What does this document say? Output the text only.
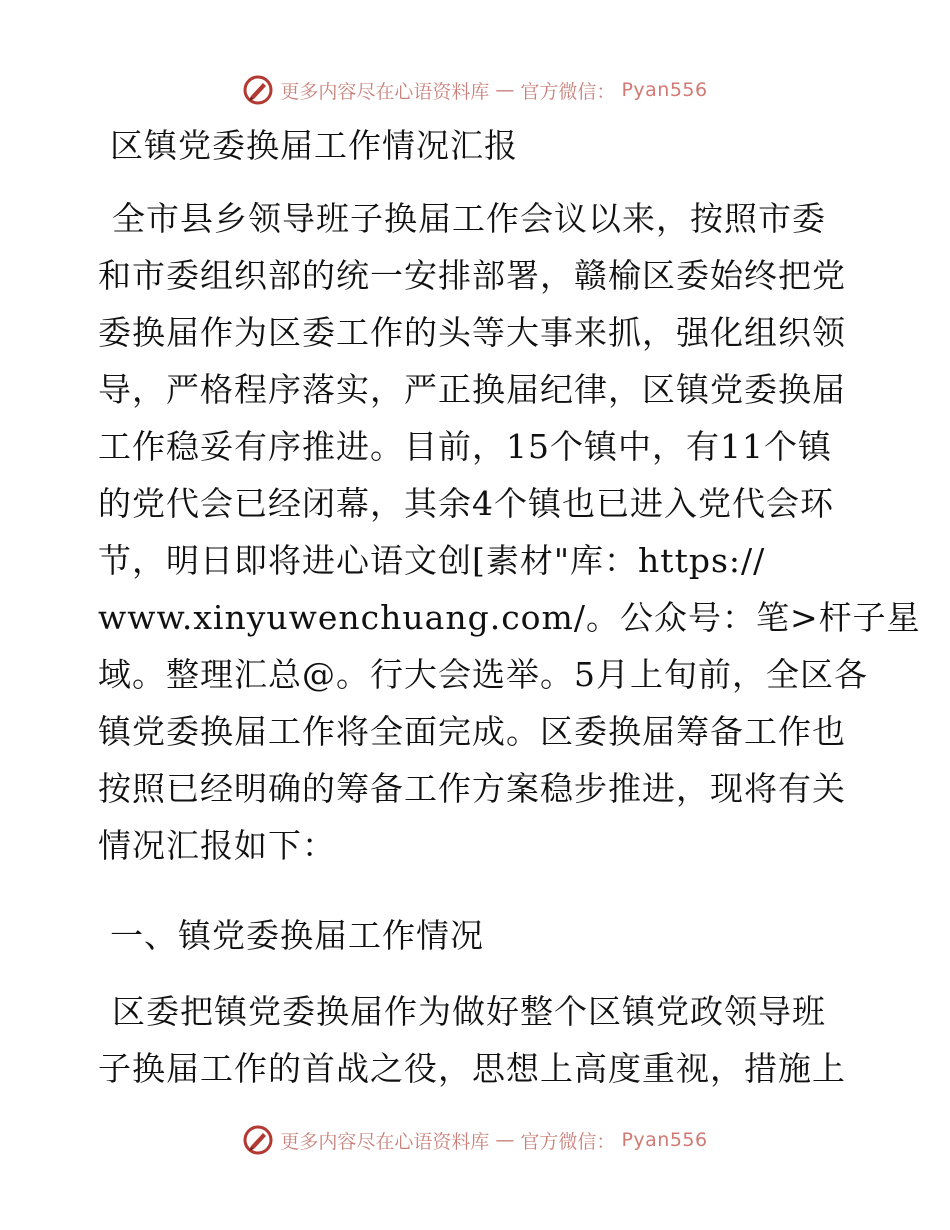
更多内容尽在心语资料库 — 官方微信： Pyan556
区镇党委换届工作情况汇报
全市县乡领导班子换届工作会议以来，按照市委
和市委组织部的统一安排部署，赣榆区委始终把党
委换届作为区委工作的头等大事来抓，强化组织领
导，严格程序落实，严正换届纪律，区镇党委换届
工作稳妥有序推进。目前，15个镇中，有11个镇
的党代会已经闭幕，其余4个镇也已进入党代会环
节，明日即将进心语文创[素材"库：https://
www.xinyuwenchuang.com/。公众号：笔>杆子星
域。整理汇总@。行大会选举。5月上旬前，全区各
镇党委换届工作将全面完成。区委换届筹备工作也
按照已经明确的筹备工作方案稳步推进，现将有关
情况汇报如下：
一、镇党委换届工作情况
区委把镇党委换届作为做好整个区镇党政领导班
子换届工作的首战之役，思想上高度重视，措施上
更多内容尽在心语资料库 — 官方微信： Pyan556
